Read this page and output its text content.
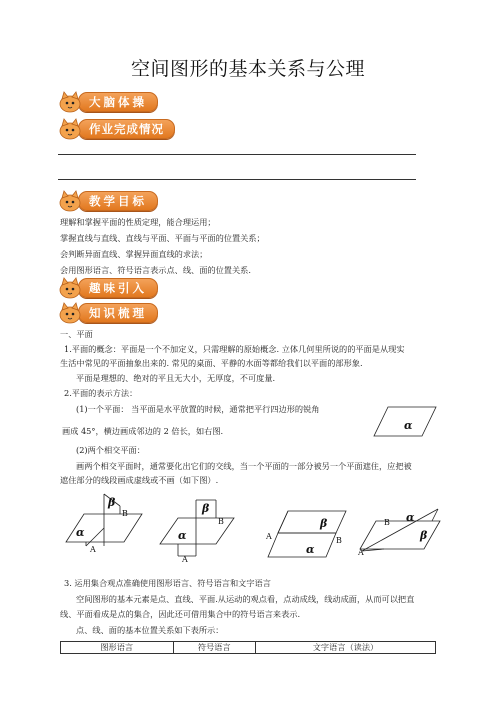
空间图形的基本关系与公理
大脑体操
作业完成情况
教学目标
理解和掌握平面的性质定理，能合理运用；
掌握直线与直线、直线与平面、平面与平面的位置关系；
会判断异面直线、掌握异面直线的求法；
会用图形语言、符号语言表示点、线、面的位置关系.
趣味引入
知识梳理
一、平面
1.平面的概念：平面是一个不加定义，只需理解的原始概念. 立体几何里所说的的平面是从现实
生活中常见的平面抽象出来的. 常见的桌面、平静的水面等都给我们以平面的部形象.
平面是理想的、绝对的平且无大小，无厚度，不可度量.
2.平面的表示方法：
(1)一个平面： 当平面是水平放置的时候，通常把平行四边形的锐角
画成 45°，横边画成邻边的 2 倍长，如右图.	α
(2)两个相交平面：
画两个相交平面时，通常要化出它们的交线，当一个平面的一部分被另一个平面遮住，应把被
遮住部分的线段画成虚线或不画（如下图）.
β
B
α
A
β
B
α
A
β
A	B
α
α
B
β
A
3. 运用集合观点准确使用图形语言、符号语言和文字语言
空间图形的基本元素是点、直线、平面.从运动的观点看，点动成线，线动成面，从而可以把直
线、平面看成是点的集合，因此还可借用集合中的符号语言来表示.
点、线、面的基本位置关系如下表所示：
图形语言	符号语言	文字语言（读法）
